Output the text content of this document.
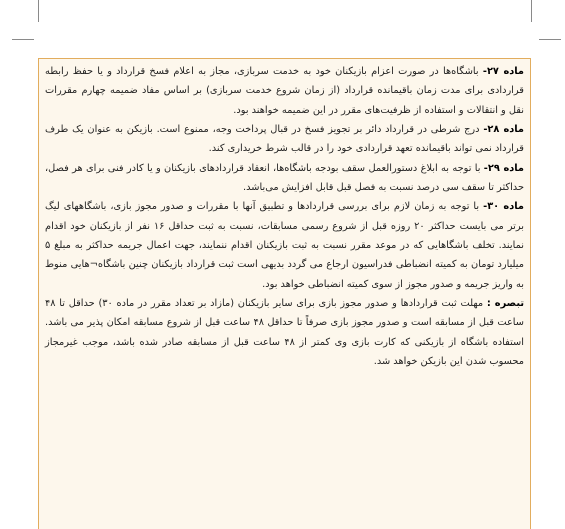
ماده ۲۷- باشگاه‌ها در صورت اعزام بازیکنان خود به خدمت سربازی، مجاز به اعلام فسخ قرارداد و یا حفظ رابطه قراردادی برای مدت زمان باقیمانده قرارداد (از زمان شروع خدمت سربازی) بر اساس مفاد ضمیمه چهارم مقررات نقل و انتقالات و استفاده از ظرفیت‌های مقرر در این ضمیمه خواهند بود.

ماده ۲۸- درج شرطی در قرارداد دائر بر تجویز فسخ در قبال پرداخت وجه، ممنوع است. بازیکن به عنوان یک طرف قرارداد نمی تواند باقیمانده تعهد قراردادی خود را در قالب شرط خریداری کند.

ماده ۲۹- با توجه به ابلاغ دستورالعمل سقف بودجه باشگاه‌ها، انعقاد قراردادهای بازیکنان و یا کادر فنی برای هر فصل، حداکثر تا سقف سی درصد نسبت به فصل قبل قابل افزایش می‌باشد.

ماده ۳۰- با توجه به زمان لازم برای بررسی قراردادها و تطبیق آنها با مقررات و صدور مجوز بازی، باشگاههای لیگ برتر می بایست حداکثر ۲۰ روزه قبل از شروع رسمی مسابقات، نسبت به ثبت حداقل ۱۶ نفر از بازیکنان خود اقدام نمایند. تخلف باشگاهایی که در موعد مقرر نسبت به ثبت بازیکنان اقدام ننمایند، جهت اعمال جریمه حداکثر به مبلغ ۵ میلیارد تومان به کمیته انضباطی فدراسیون ارجاع می گردد بدیهی است ثبت قرارداد بازیکنان چنین باشگاه¬هایی منوط به واریز جریمه و صدور مجوز از سوی کمیته انضباطی خواهد بود.

تبصره : مهلت ثبت قراردادها و صدور مجوز بازی برای سایر بازیکنان (مازاد بر تعداد مقرر در ماده ۳۰) حداقل تا ۴۸ ساعت قبل از مسابقه است و صدور مجوز بازی صرفاً تا حداقل ۴۸ ساعت قبل از شروع مسابقه امکان پذیر می باشد. استفاده باشگاه از بازیکنی که کارت بازی وی کمتر از ۴۸ ساعت قبل از مسابقه صادر شده باشد، موجب غیرمجاز محسوب شدن این بازیکن خواهد شد.
